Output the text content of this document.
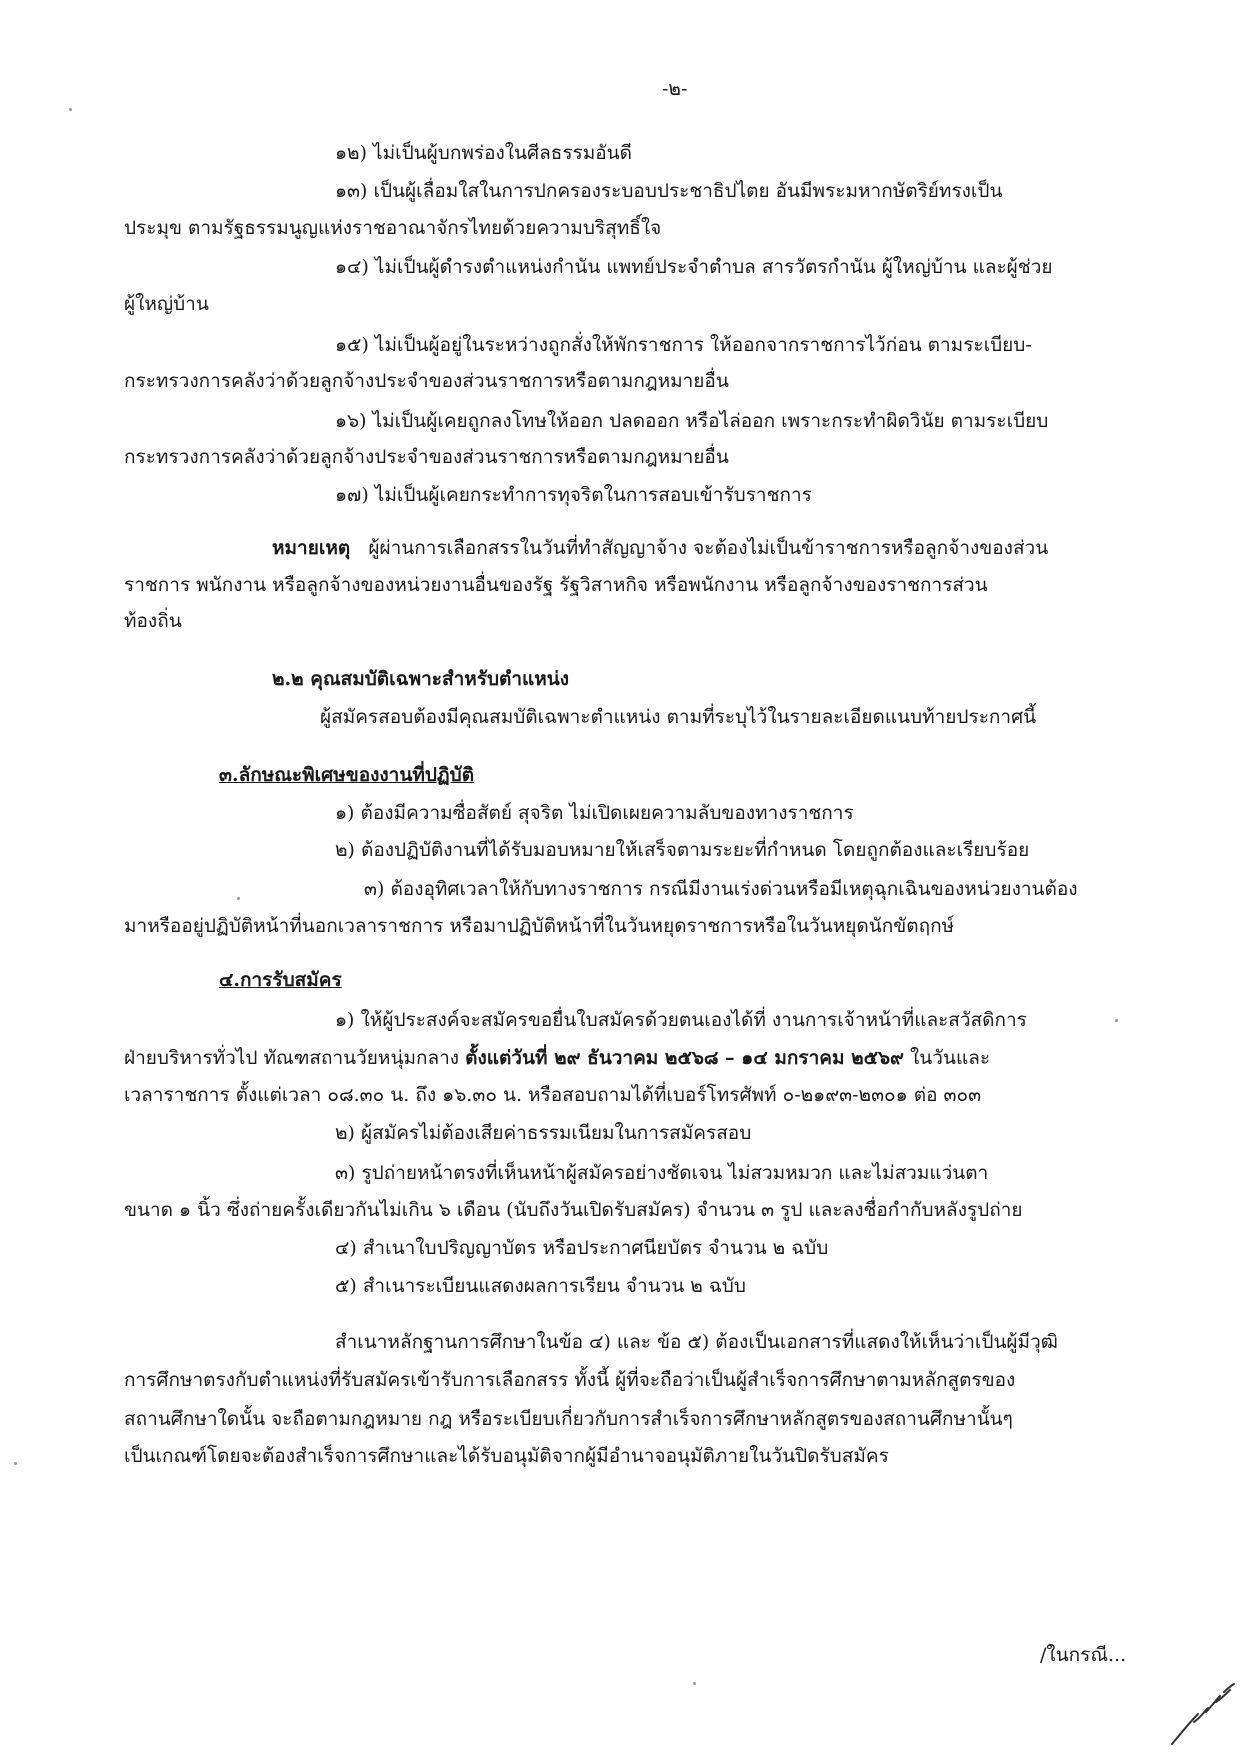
-๒-
๑๒) ไม่เป็นผู้บกพร่องในศีลธรรมอันดี
๑๓) เป็นผู้เลื่อมใสในการปกครองระบอบประชาธิปไตย อันมีพระมหากษัตริย์ทรงเป็น
ประมุข ตามรัฐธรรมนูญแห่งราชอาณาจักรไทยด้วยความบริสุทธิ์ใจ
๑๔) ไม่เป็นผู้ดำรงตำแหน่งกำนัน แพทย์ประจำตำบล สารวัตรกำนัน ผู้ใหญ่บ้าน และผู้ช่วย
ผู้ใหญ่บ้าน
๑๕) ไม่เป็นผู้อยู่ในระหว่างถูกสั่งให้พักราชการ ให้ออกจากราชการไว้ก่อน ตามระเบียบ-
กระทรวงการคลังว่าด้วยลูกจ้างประจำของส่วนราชการหรือตามกฎหมายอื่น
๑๖) ไม่เป็นผู้เคยถูกลงโทษให้ออก ปลดออก หรือไล่ออก เพราะกระทำผิดวินัย ตามระเบียบ
กระทรวงการคลังว่าด้วยลูกจ้างประจำของส่วนราชการหรือตามกฎหมายอื่น
๑๗) ไม่เป็นผู้เคยกระทำการทุจริตในการสอบเข้ารับราชการ
หมายเหตุ ผู้ผ่านการเลือกสรรในวันที่ทำสัญญาจ้าง จะต้องไม่เป็นข้าราชการหรือลูกจ้างของส่วน
ราชการ พนักงาน หรือลูกจ้างของหน่วยงานอื่นของรัฐ รัฐวิสาหกิจ หรือพนักงาน หรือลูกจ้างของราชการส่วน
ท้องถิ่น
๒.๒ คุณสมบัติเฉพาะสำหรับตำแหน่ง
ผู้สมัครสอบต้องมีคุณสมบัติเฉพาะตำแหน่ง ตามที่ระบุไว้ในรายละเอียดแนบท้ายประกาศนี้
๓.ลักษณะพิเศษของงานที่ปฏิบัติ
๑) ต้องมีความซื่อสัตย์ สุจริต ไม่เปิดเผยความลับของทางราชการ
๒) ต้องปฏิบัติงานที่ได้รับมอบหมายให้เสร็จตามระยะที่กำหนด โดยถูกต้องและเรียบร้อย
๓) ต้องอุทิศเวลาให้กับทางราชการ กรณีมีงานเร่งด่วนหรือมีเหตุฉุกเฉินของหน่วยงานต้อง
มาหรืออยู่ปฏิบัติหน้าที่นอกเวลาราชการ หรือมาปฏิบัติหน้าที่ในวันหยุดราชการหรือในวันหยุดนักขัตฤกษ์
๔.การรับสมัคร
๑) ให้ผู้ประสงค์จะสมัครขอยื่นใบสมัครด้วยตนเองได้ที่ งานการเจ้าหน้าที่และสวัสดิการ
ฝ่ายบริหารทั่วไป ทัณฑสถานวัยหนุ่มกลาง ตั้งแต่วันที่ ๒๙ ธันวาคม ๒๕๖๘ – ๑๔ มกราคม ๒๕๖๙ ในวันและ
เวลาราชการ ตั้งแต่เวลา ๐๘.๓๐ น. ถึง ๑๖.๓๐ น. หรือสอบถามได้ที่เบอร์โทรศัพท์ ๐-๒๑๙๓-๒๓๐๑ ต่อ ๓๐๓
๒) ผู้สมัครไม่ต้องเสียค่าธรรมเนียมในการสมัครสอบ
๓) รูปถ่ายหน้าตรงที่เห็นหน้าผู้สมัครอย่างชัดเจน ไม่สวมหมวก และไม่สวมแว่นตา
ขนาด ๑ นิ้ว ซึ่งถ่ายครั้งเดียวกันไม่เกิน ๖ เดือน (นับถึงวันเปิดรับสมัคร) จำนวน ๓ รูป และลงชื่อกำกับหลังรูปถ่าย
๔) สำเนาใบปริญญาบัตร หรือประกาศนียบัตร จำนวน ๒ ฉบับ
๕) สำเนาระเบียนแสดงผลการเรียน จำนวน ๒ ฉบับ
สำเนาหลักฐานการศึกษาในข้อ ๔) และ ข้อ ๕) ต้องเป็นเอกสารที่แสดงให้เห็นว่าเป็นผู้มีวุฒิ
การศึกษาตรงกับตำแหน่งที่รับสมัครเข้ารับการเลือกสรร ทั้งนี้ ผู้ที่จะถือว่าเป็นผู้สำเร็จการศึกษาตามหลักสูตรของ
สถานศึกษาใดนั้น จะถือตามกฎหมาย กฎ หรือระเบียบเกี่ยวกับการสำเร็จการศึกษาหลักสูตรของสถานศึกษานั้นๆ
เป็นเกณฑ์โดยจะต้องสำเร็จการศึกษาและได้รับอนุมัติจากผู้มีอำนาจอนุมัติภายในวันปิดรับสมัคร
/ในกรณี...
